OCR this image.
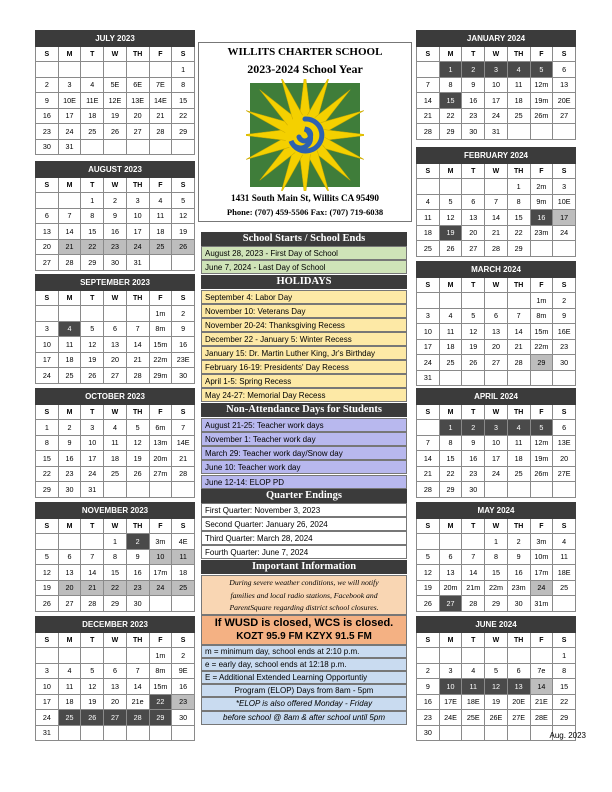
JULY 2023						
S	M	T	W	TH	F	S
						1
2	3	4	5E	6E	7E	8
9	10E	11E	12E	13E	14E	15
16	17	18	19	20	21	22
23	24	25	26	27	28	29
30	31					
AUGUST 2023						
S	M	T	W	TH	F	S
		1	2	3	4	5
6	7	8	9	10	11	12
13	14	15	16	17	18	19
20	21	22	23	24	25	26
27	28	29	30	31		
SEPTEMBER 2023						
S	M	T	W	TH	F	S
					1m	2
3	4	5	6	7	8m	9
10	11	12	13	14	15m	16
17	18	19	20	21	22m	23E
24	25	26	27	28	29m	30
OCTOBER 2023						
S	M	T	W	TH	F	S
1	2	3	4	5	6m	7
8	9	10	11	12	13m	14E
15	16	17	18	19	20m	21
22	23	24	25	26	27m	28
29	30	31				
NOVEMBER 2023						
S	M	T	W	TH	F	S
			1	2	3m	4E
5	6	7	8	9	10	11
12	13	14	15	16	17m	18
19	20	21	22	23	24	25
26	27	28	29	30		
DECEMBER 2023						
S	M	T	W	TH	F	S
					1m	2
3	4	5	6	7	8m	9E
10	11	12	13	14	15m	16
17	18	19	20	21e	22	23
24	25	26	27	28	29	30
31						
JANUARY 2024						
S	M	T	W	TH	F	S
	1	2	3	4	5	6
7	8	9	10	11	12m	13
14	15	16	17	18	19m	20E
21	22	23	24	25	26m	27
28	29	30	31			
FEBRUARY 2024						
S	M	T	W	TH	F	S
				1	2m	3
4	5	6	7	8	9m	10E
11	12	13	14	15	16	17
18	19	20	21	22	23m	24
25	26	27	28	29		
MARCH 2024						
S	M	T	W	TH	F	S
					1m	2
3	4	5	6	7	8m	9
10	11	12	13	14	15m	16E
17	18	19	20	21	22m	23
24	25	26	27	28	29	30
31						
APRIL 2024						
S	M	T	W	TH	F	S
	1	2	3	4	5	6
7	8	9	10	11	12m	13E
14	15	16	17	18	19m	20
21	22	23	24	25	26m	27E
28	29	30				
MAY 2024						
S	M	T	W	TH	F	S
			1	2	3m	4
5	6	7	8	9	10m	11
12	13	14	15	16	17m	18E
19	20m	21m	22m	23m	24	25
26	27	28	29	30	31m	
JUNE 2024						
S	M	T	W	TH	F	S
						1
2	3	4	5	6	7e	8
9	10	11	12	13	14	15
16	17E	18E	19	20E	21E	22
23	24E	25E	26E	27E	28E	29
30						
WILLITS CHARTER SCHOOL
2023-2024 School Year
1431 South Main St, Willits CA 95490
Phone: (707) 459-5506 Fax: (707) 719-6038
School Starts / School Ends
August 28, 2023 - First Day of School
June 7, 2024 - Last Day of School
HOLIDAYS
September 4: Labor Day
November 10: Veterans Day
November 20-24: Thanksgiving Recess
December 22 - January 5: Winter Recess
January 15: Dr. Martin Luther King, Jr's Birthday
February 16-19: Presidents' Day Recess
April 1-5: Spring Recess
May 24-27: Memorial Day Recess
Non-Attendance Days for Students
August 21-25: Teacher work days
November 1: Teacher work day
March 29: Teacher work day/Snow day
June 10: Teacher work day
June 12-14: ELOP PD
Quarter Endings
First Quarter: November 3, 2023
Second Quarter: January 26, 2024
Third Quarter: March 28, 2024
Fourth Quarter: June 7, 2024
Important Information
During severe weather conditions, we will notify
families and local radio stations, Facebook and
ParentSquare regarding district school closures.
If WUSD is closed, WCS is closed.
KOZT 95.9 FM KZYX 91.5 FM
m = minimum day, school ends at 2:10 p.m.
e = early day, school ends at 12:18 p.m.
E = Additional Extended Learning Opportuntiy
Program (ELOP) Days from 8am - 5pm
*ELOP is also offered Monday - Friday
before school @ 8am & after school until 5pm
Aug. 2023
